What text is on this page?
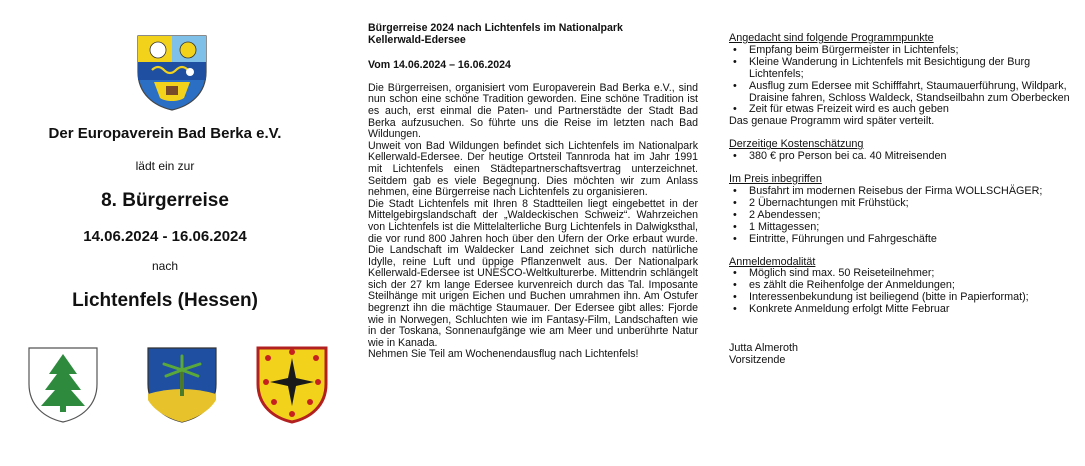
Der Europaverein Bad Berka e.V.
lädt ein zur
8. Bürgerreise
14.06.2024 - 16.06.2024
nach
Lichtenfels (Hessen)
Bürgerreise 2024 nach Lichtenfels im Nationalpark
Kellerwald-Edersee
Vom 14.06.2024 – 16.06.2024

Die Bürgerreisen, organisiert vom Europaverein Bad Berka e.V., sind nun schon eine schöne Tradition geworden. Eine schöne Tradition ist es auch, erst einmal die Paten- und Partnerstädte der Stadt Bad Berka aufzusuchen. So führte uns die Reise im letzten nach Bad Wildungen.

Unweit von Bad Wildungen befindet sich Lichtenfels im Nationalpark Kellerwald-Edersee. Der heutige Ortsteil Tannroda hat im Jahr 1991 mit Lichtenfels einen Städtepartnerschaftsvertrag unterzeichnet. Seitdem gab es viele Begegnung. Dies möchten wir zum Anlass nehmen, eine Bürgerreise nach Lichtenfels zu organisieren.

Die Stadt Lichtenfels mit Ihren 8 Stadtteilen liegt eingebettet in der Mittelgebirgslandschaft der „Waldeckischen Schweiz“. Wahrzeichen von Lichtenfels ist die Mittelalterliche Burg Lichtenfels in Dalwigksthal, die vor rund 800 Jahren hoch über den Ufern der Orke erbaut wurde. Die Landschaft im Waldecker Land zeichnet sich durch natürliche Idylle, reine Luft und üppige Pflanzenwelt aus. Der Nationalpark Kellerwald-Edersee ist UNESCO-Weltkulturerbe. Mittendrin schlängelt sich der 27 km lange Edersee kurvenreich durch das Tal. Imposante Steilhänge mit urigen Eichen und Buchen umrahmen ihn. Am Ostufer begrenzt ihn die mächtige Staumauer. Der Edersee gibt alles: Fjorde wie in Norwegen, Schluchten wie im Fantasy-Film, Landschaften wie in der Toskana, Sonnenaufgänge wie am Meer und unberührte Natur wie in Kanada.

Nehmen Sie Teil am Wochenendausflug nach Lichtenfels!

Angedacht sind folgende Programmpunkte
• Empfang beim Bürgermeister in Lichtenfels;
• Kleine Wanderung in Lichtenfels mit Besichtigung der Burg Lichtenfels;
• Ausflug zum Edersee mit Schifffahrt, Staumauerführung, Wildpark, Draisine fahren, Schloss Waldeck, Standseilbahn zum Oberbecken
• Zeit für etwas Freizeit wird es auch geben
Das genaue Programm wird später verteilt.
Derzeitige Kostenschätzung
• 380 € pro Person bei ca. 40 Mitreisenden
Im Preis inbegriffen
• Busfahrt im modernen Reisebus der Firma WOLLSCHÄGER;
• 2 Übernachtungen mit Frühstück;
• 2 Abendessen;
• 1 Mittagessen;
• Eintritte, Führungen und Fahrgeschäfte
Anmeldemodalität
• Möglich sind max. 50 Reiseteilnehmer;
• es zählt die Reihenfolge der Anmeldungen;
• Interessenbekundung ist beiliegend (bitte in Papierformat);
• Konkrete Anmeldung erfolgt Mitte Februar
Jutta Almeroth
Vorsitzende
